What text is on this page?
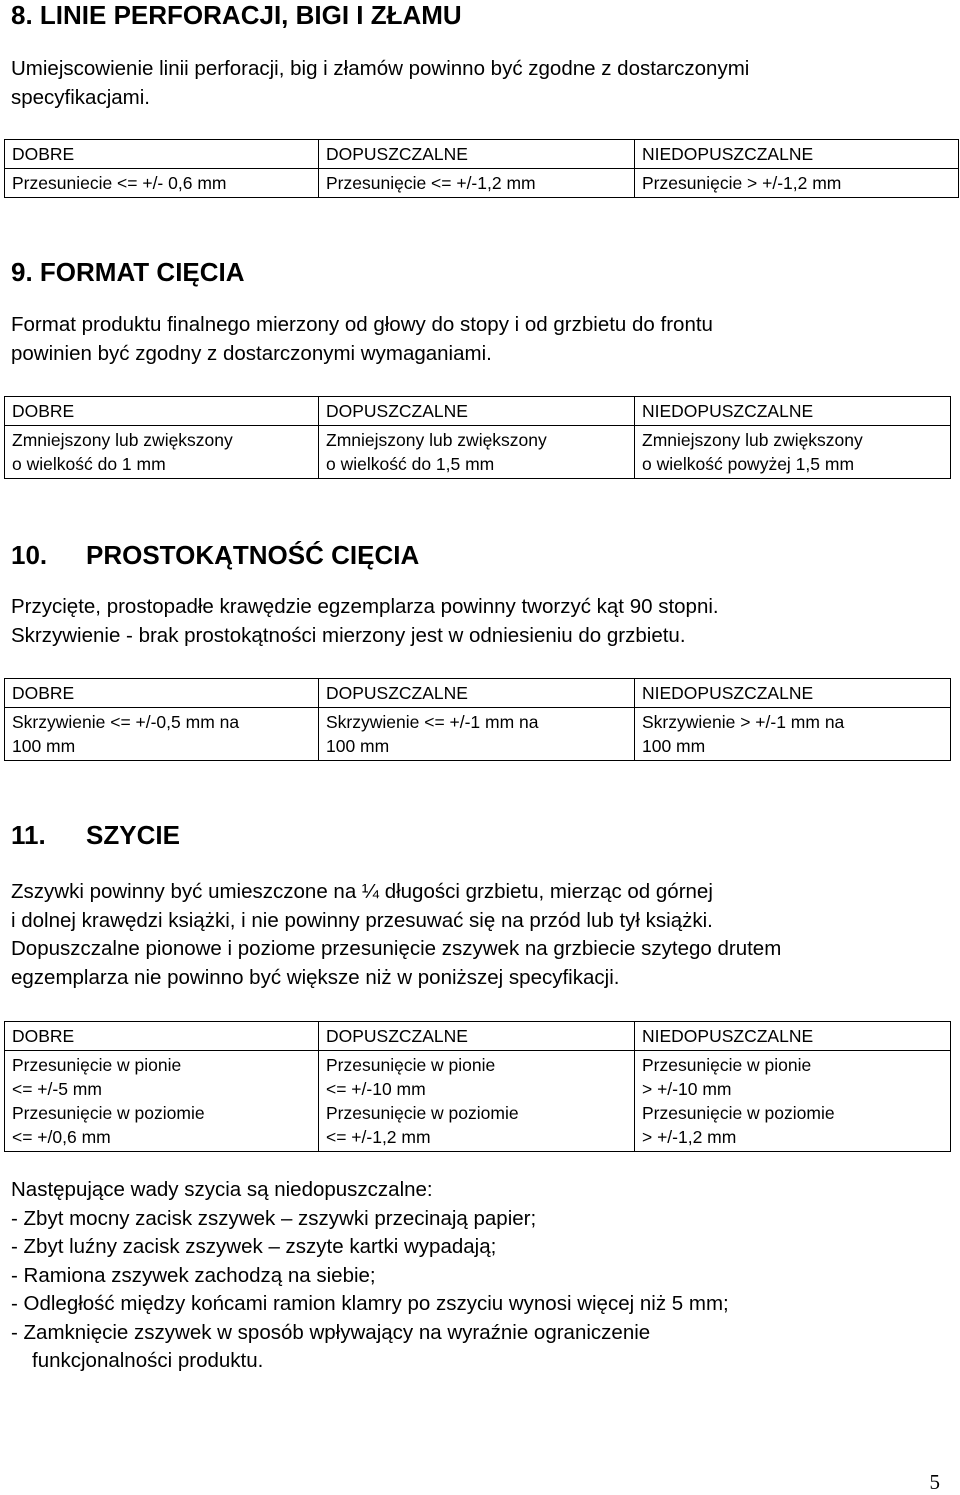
8. LINIE PERFORACJI, BIGI I ZŁAMU

Umiejscowienie linii perforacji, big i złamów powinno być zgodne z dostarczonymi
specyfikacjami.

DOBRE	DOPUSZCZALNE	NIEDOPUSZCZALNE

Przesuniecie <= +/- 0,6 mm	Przesunięcie <= +/-1,2 mm	Przesunięcie > +/-1,2 mm
9. FORMAT CIĘCIA

Format produktu finalnego mierzony od głowy do stopy i od grzbietu do frontu
powinien być zgodny z dostarczonymi wymaganiami.

DOBRE	DOPUSZCZALNE	NIEDOPUSZCZALNE

Zmniejszony lub zwiększony
o wielkość do 1 mm	Zmniejszony lub zwiększony
o wielkość do 1,5 mm	Zmniejszony lub zwiększony
o wielkość powyżej 1,5 mm
10. PROSTOKĄTNOŚĆ CIĘCIA

Przycięte, prostopadłe krawędzie egzemplarza powinny tworzyć kąt 90 stopni.
Skrzywienie - brak prostokątności mierzony jest w odniesieniu do grzbietu.

DOBRE	DOPUSZCZALNE	NIEDOPUSZCZALNE

Skrzywienie <= +/-0,5 mm na
100 mm	Skrzywienie <= +/-1 mm na
100 mm	Skrzywienie > +/-1 mm na
100 mm
11. SZYCIE

Zszywki powinny być umieszczone na ¼ długości grzbietu, mierząc od górnej
i dolnej krawędzi książki, i nie powinny przesuwać się na przód lub tył książki.
Dopuszczalne pionowe i poziome przesunięcie zszywek na grzbiecie szytego drutem
egzemplarza nie powinno być większe niż w poniższej specyfikacji.

DOBRE	DOPUSZCZALNE	NIEDOPUSZCZALNE

Przesunięcie w pionie
<= +/-5 mm
Przesunięcie w poziomie
<= +/0,6 mm	Przesunięcie w pionie
<= +/-10 mm
Przesunięcie w poziomie
<= +/-1,2 mm	Przesunięcie w pionie
> +/-10 mm
Przesunięcie w poziomie
> +/-1,2 mm

Następujące wady szycia są niedopuszczalne:

- Zbyt mocny zacisk zszywek – zszywki przecinają papier;
- Zbyt luźny zacisk zszywek – zszyte kartki wypadają;
- Ramiona zszywek zachodzą na siebie;
- Odległość między końcami ramion klamry po zszyciu wynosi więcej niż 5 mm;
- Zamknięcie zszywek w sposób wpływający na wyraźnie ograniczenie
funkcjonalności produktu.
5
